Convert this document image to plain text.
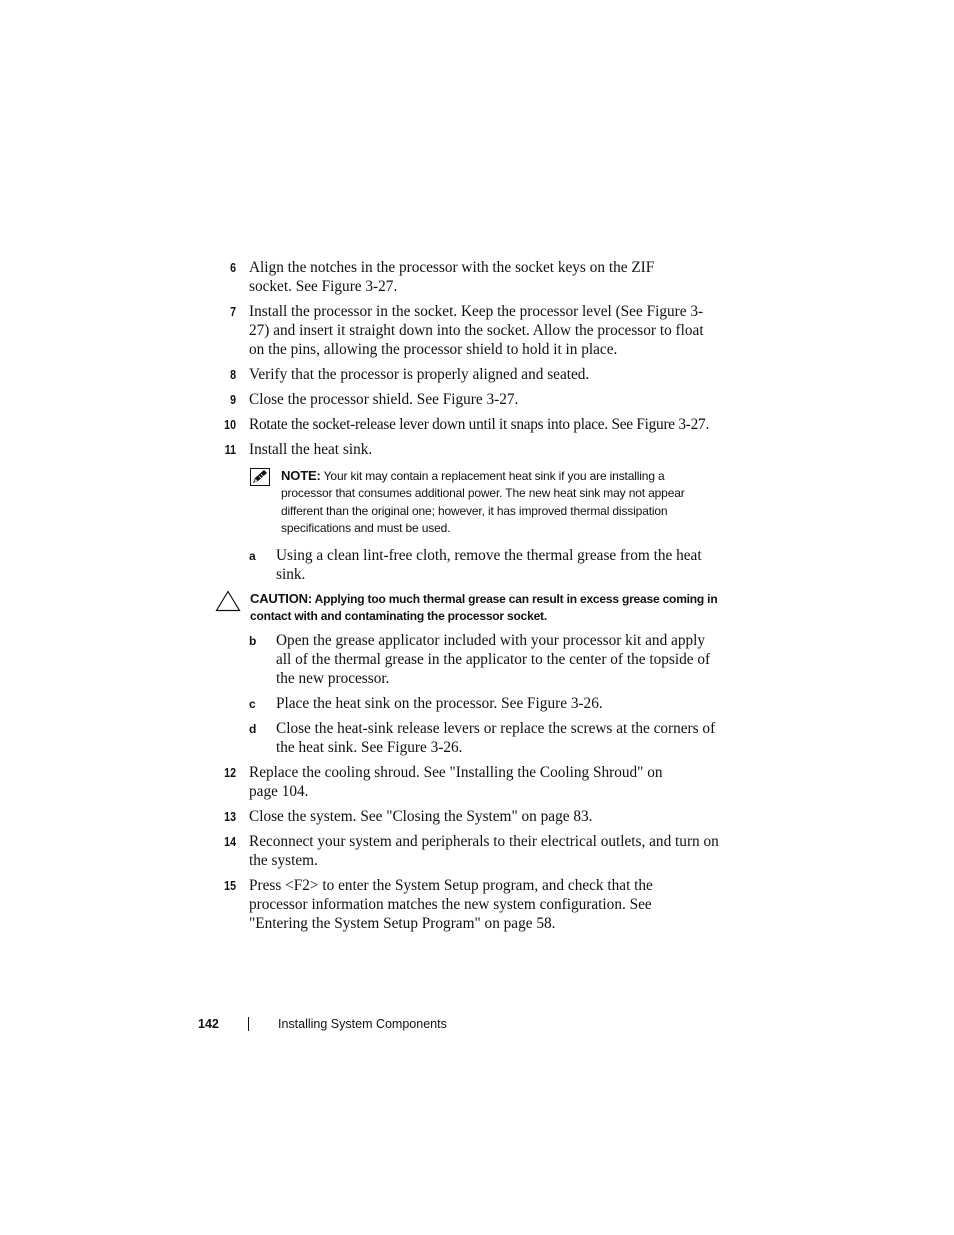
6 Align the notches in the processor with the socket keys on the ZIF socket. See Figure 3-27.
7 Install the processor in the socket. Keep the processor level (See Figure 3-27) and insert it straight down into the socket. Allow the processor to float on the pins, allowing the processor shield to hold it in place.
8 Verify that the processor is properly aligned and seated.
9 Close the processor shield. See Figure 3-27.
10 Rotate the socket-release lever down until it snaps into place. See Figure 3-27.
11 Install the heat sink.
NOTE: Your kit may contain a replacement heat sink if you are installing a processor that consumes additional power. The new heat sink may not appear different than the original one; however, it has improved thermal dissipation specifications and must be used.
a Using a clean lint-free cloth, remove the thermal grease from the heat sink.
CAUTION: Applying too much thermal grease can result in excess grease coming in contact with and contaminating the processor socket.
b Open the grease applicator included with your processor kit and apply all of the thermal grease in the applicator to the center of the topside of the new processor.
c Place the heat sink on the processor. See Figure 3-26.
d Close the heat-sink release levers or replace the screws at the corners of the heat sink. See Figure 3-26.
12 Replace the cooling shroud. See "Installing the Cooling Shroud" on page 104.
13 Close the system. See "Closing the System" on page 83.
14 Reconnect your system and peripherals to their electrical outlets, and turn on the system.
15 Press <F2> to enter the System Setup program, and check that the processor information matches the new system configuration. See "Entering the System Setup Program" on page 58.
142	Installing System Components
